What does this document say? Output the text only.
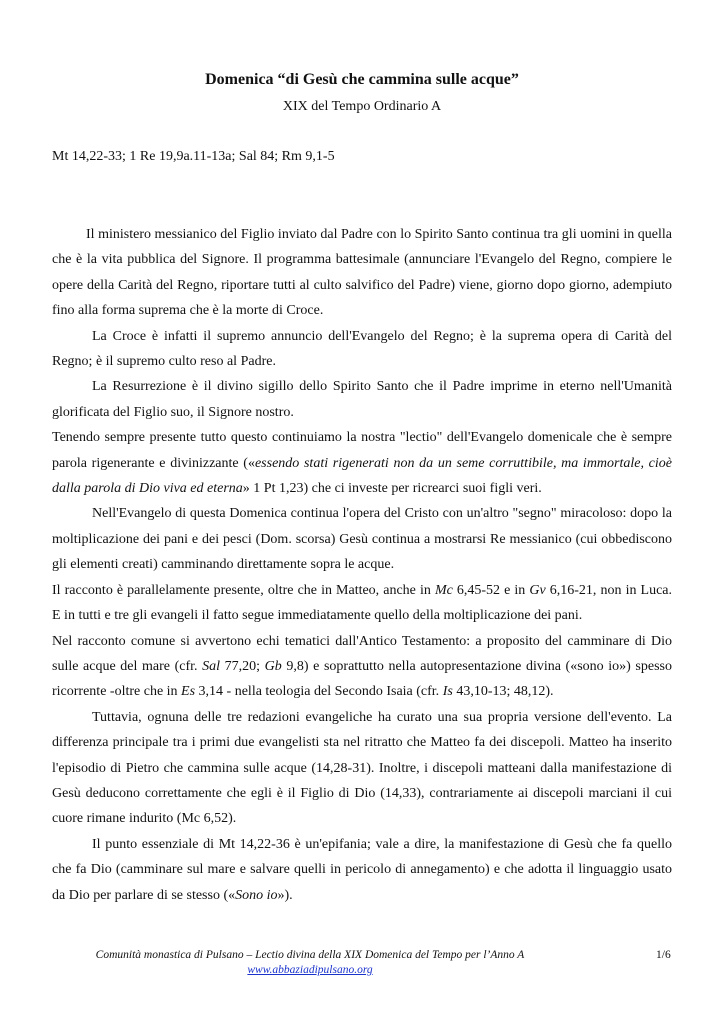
Domenica “di Gesù che cammina sulle acque”
XIX del Tempo Ordinario A
Mt 14,22-33; 1 Re 19,9a.11-13a; Sal 84; Rm 9,1-5

Il ministero messianico del Figlio inviato dal Padre con lo Spirito Santo continua tra gli uomini in quella che è la vita pubblica del Signore. Il programma battesimale (annunciare l'Evangelo del Regno, compiere le opere della Carità del Regno, riportare tutti al culto salvifico del Padre) viene, giorno dopo giorno, adempiuto fino alla forma suprema che è la morte di Croce.

La Croce è infatti il supremo annuncio dell'Evangelo del Regno; è la suprema opera di Carità del Regno; è il supremo culto reso al Padre.

La Resurrezione è il divino sigillo dello Spirito Santo che il Padre imprime in eterno nell'Umanità glorificata del Figlio suo, il Signore nostro.

Tenendo sempre presente tutto questo continuiamo la nostra "lectio" dell'Evangelo domenicale che è sempre parola rigenerante e divinizzante («essendo stati rigenerati non da un seme corruttibile, ma immortale, cioè dalla parola di Dio viva ed eterna» 1 Pt 1,23) che ci investe per ricrearci suoi figli veri.

Nell'Evangelo di questa Domenica continua l'opera del Cristo con un'altro "segno" miracoloso: dopo la moltiplicazione dei pani e dei pesci (Dom. scorsa) Gesù continua a mostrarsi Re messianico (cui obbediscono gli elementi creati) camminando direttamente sopra le acque.

Il racconto è parallelamente presente, oltre che in Matteo, anche in Mc 6,45-52 e in Gv 6,16-21, non in Luca. E in tutti e tre gli evangeli il fatto segue immediatamente quello della moltiplicazione dei pani.

Nel racconto comune si avvertono echi tematici dall'Antico Testamento: a proposito del camminare di Dio sulle acque del mare (cfr. Sal 77,20; Gb 9,8) e soprattutto nella autopresentazione divina («sono io») spesso ricorrente -oltre che in Es 3,14 - nella teologia del Secondo Isaia (cfr. Is 43,10-13; 48,12).

Tuttavia, ognuna delle tre redazioni evangeliche ha curato una sua propria versione dell'evento. La differenza principale tra i primi due evangelisti sta nel ritratto che Matteo fa dei discepoli. Matteo ha inserito l'episodio di Pietro che cammina sulle acque (14,28-31). Inoltre, i discepoli matteani dalla manifestazione di Gesù deducono correttamente che egli è il Figlio di Dio (14,33), contrariamente ai discepoli marciani il cui cuore rimane indurito (Mc 6,52).

Il punto essenziale di Mt 14,22-36 è un'epifania; vale a dire, la manifestazione di Gesù che fa quello che fa Dio (camminare sul mare e salvare quelli in pericolo di annegamento) e che adotta il linguaggio usato da Dio per parlare di se stesso («Sono io»).

Comunità monastica di Pulsano – Lectio divina della XIX Domenica del Tempo per l’Anno A
www.abbaziadipulsano.org
1/6
